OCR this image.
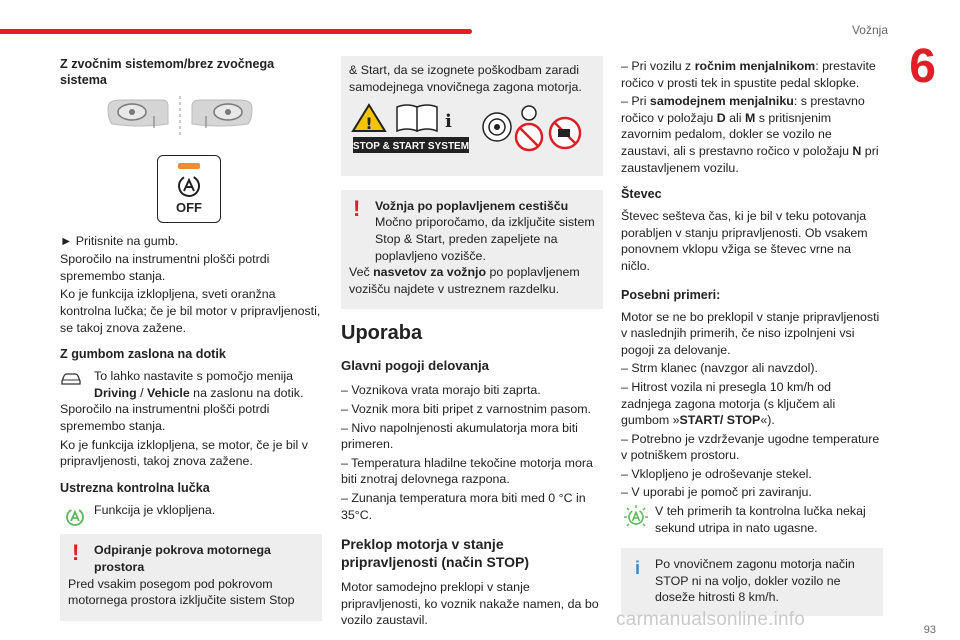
Vožnja
6
Z zvočnim sistemom/brez zvočnega sistema
OFF

► Pritisnite na gumb.

Sporočilo na instrumentni plošči potrdi spremembo stanja.

Ko je funkcija izklopljena, sveti oranžna kontrolna lučka; če je bil motor v pripravljenosti, se takoj znova zažene.

Z gumbom zaslona na dotik
To lahko nastavite s pomočjo menija Driving / Vehicle na zaslonu na dotik.

Sporočilo na instrumentni plošči potrdi spremembo stanja.

Ko je funkcija izklopljena, se motor, če je bil v pripravljenosti, takoj znova zažene.

Ustrezna kontrolna lučka
Funkcija je vklopljena.
! Odpiranje pokrova motornega prostora

Pred vsakim posegom pod pokrovom motornega prostora izključite sistem Stop

& Start, da se izognete poškodbam zaradi samodejnega vnovičnega zagona motorja.

!	i
STOP & START SYSTEM
! Vožnja po poplavljenem cestišču
Močno priporočamo, da izključite sistem Stop & Start, preden zapeljete na poplavljeno vozišče.

Več nasvetov za vožnjo po poplavljenem vozišču najdete v ustreznem razdelku.

Uporaba
Glavni pogoji delovanja

– Voznikova vrata morajo biti zaprta.

– Voznik mora biti pripet z varnostnim pasom.

– Nivo napolnjenosti akumulatorja mora biti primeren.

– Temperatura hladilne tekočine motorja mora biti znotraj delovnega razpona.

– Zunanja temperatura mora biti med 0 °C in 35°C.

Preklop motorja v stanje pripravljenosti (način STOP)

Motor samodejno preklopi v stanje pripravljenosti, ko voznik nakaže namen, da bo vozilo zaustavil.

– Pri vozilu z ročnim menjalnikom: prestavite ročico v prosti tek in spustite pedal sklopke.

– Pri samodejnem menjalniku: s prestavno ročico v položaju D ali M s pritisnjenim zavornim pedalom, dokler se vozilo ne zaustavi, ali s prestavno ročico v položaju N pri zaustavljenem vozilu.

Števec

Števec sešteva čas, ki je bil v teku potovanja porabljen v stanju pripravljenosti. Ob vsakem ponovnem vklopu vžiga se števec vrne na ničlo.

Posebni primeri:

Motor se ne bo preklopil v stanje pripravljenosti v naslednjih primerih, če niso izpolnjeni vsi pogoji za delovanje.

– Strm klanec (navzgor ali navzdol).

– Hitrost vozila ni presegla 10 km/h od zadnjega zagona motorja (s ključem ali gumbom »START/ STOP«).

– Potrebno je vzdrževanje ugodne temperature v potniškem prostoru.

– Vklopljeno je odroševanje stekel.

– V uporabi je pomoč pri zaviranju.

V teh primerih ta kontrolna lučka nekaj sekund utripa in nato ugasne.
i Po vnovičnem zagonu motorja način STOP ni na voljo, dokler vozilo ne doseže hitrosti 8 km/h.
carmanualsonline.info	93
